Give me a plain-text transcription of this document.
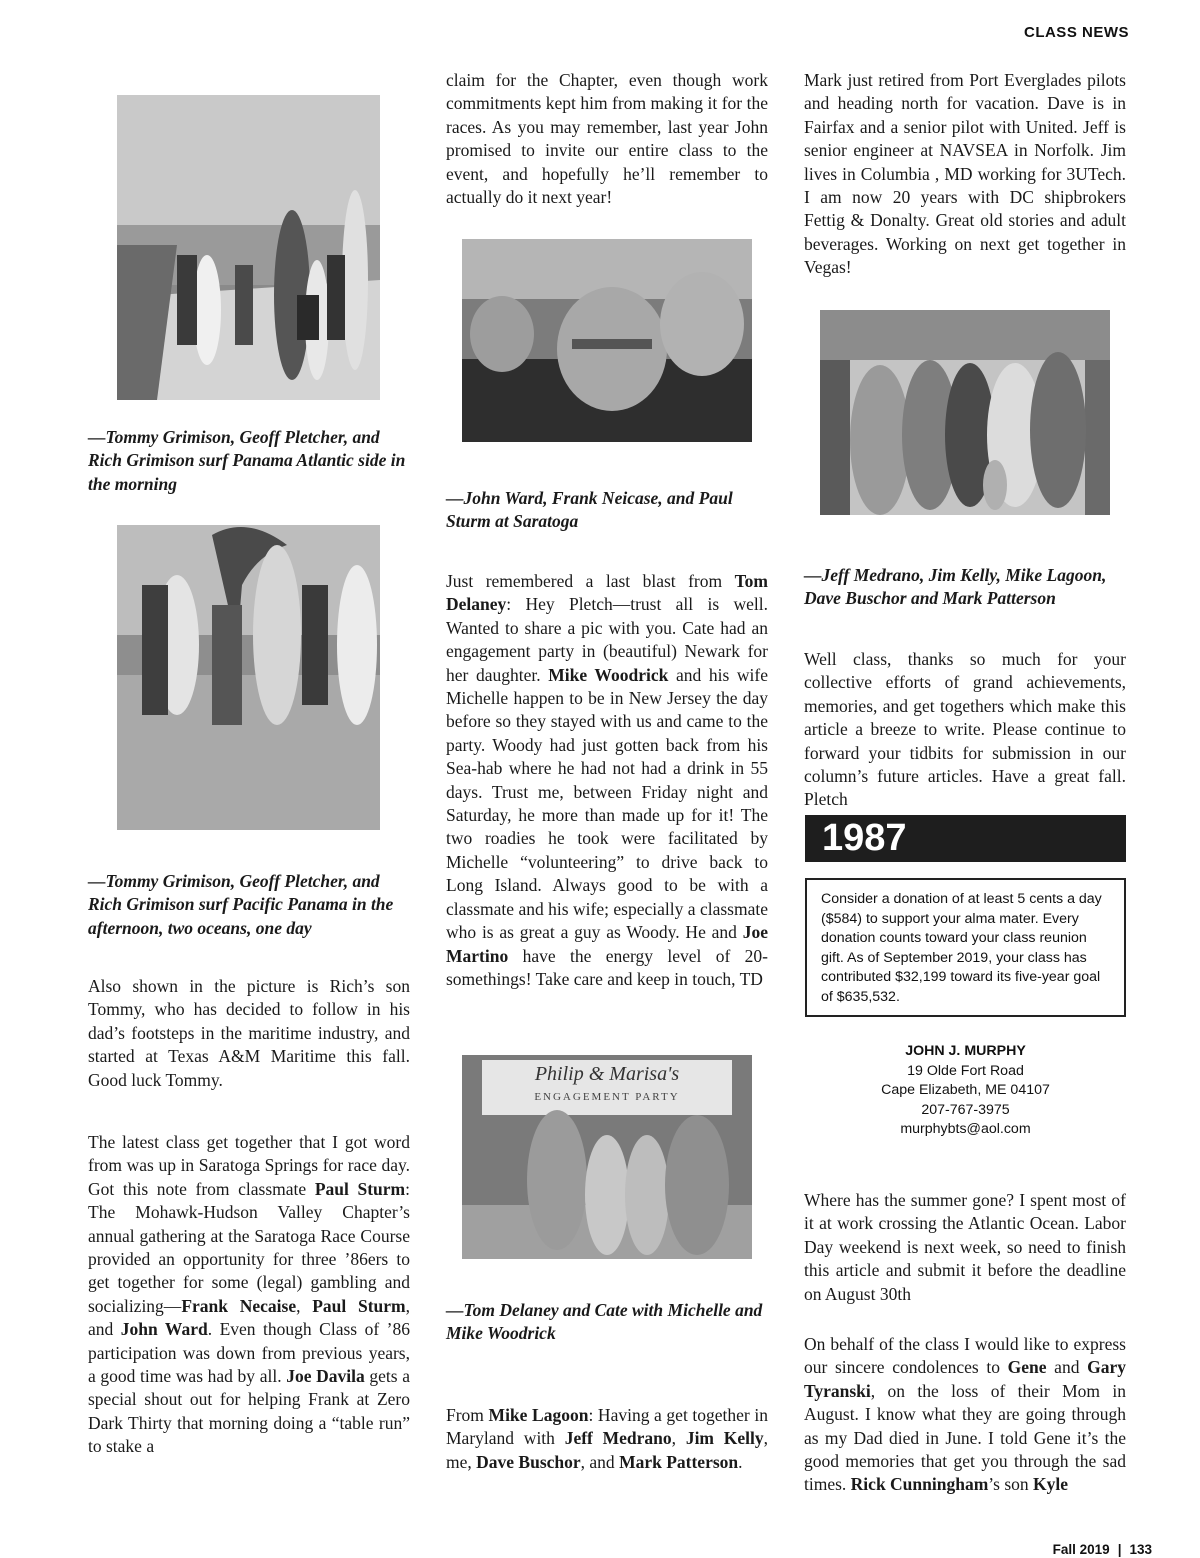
CLASS NEWS
—Tommy Grimison, Geoff Pletcher, and Rich Grimison surf Panama Atlantic side in the morning
—Tommy Grimison, Geoff Pletcher, and Rich Grimison surf Pacific Panama in the afternoon, two oceans, one day

Also shown in the picture is Rich’s son Tommy, who has decided to follow in his dad’s footsteps in the maritime industry, and started at Texas A&M Maritime this fall. Good luck Tommy.

The latest class get together that I got word from was up in Saratoga Springs for race day. Got this note from classmate Paul Sturm: The Mohawk-Hudson Valley Chapter’s annual gathering at the Saratoga Race Course provided an opportunity for three ’86ers to get together for some (legal) gambling and socializing—Frank Necaise, Paul Sturm, and John Ward. Even though Class of ’86 participation was down from previous years, a good time was had by all. Joe Davila gets a special shout out for helping Frank at Zero Dark Thirty that morning doing a “table run” to stake a

claim for the Chapter, even though work commitments kept him from making it for the races. As you may remember, last year John promised to invite our entire class to the event, and hopefully he’ll remember to actually do it next year!

—John Ward, Frank Neicase, and Paul Sturm at Saratoga

Just remembered a last blast from Tom Delaney: Hey Pletch—trust all is well. Wanted to share a pic with you. Cate had an engagement party in (beautiful) Newark for her daughter. Mike Woodrick and his wife Michelle happen to be in New Jersey the day before so they stayed with us and came to the party. Woody had just gotten back from his Sea-hab where he had not had a drink in 55 days. Trust me, between Friday night and Saturday, he more than made up for it! The two roadies he took were facilitated by Michelle “volunteering” to drive back to Long Island. Always good to be with a classmate and his wife; especially a classmate who is as great a guy as Woody. He and Joe Martino have the energy level of 20-somethings! Take care and keep in touch, TD

Philip & Marisa's
ENGAGEMENT PARTY
—Tom Delaney and Cate with Michelle and Mike Woodrick

From Mike Lagoon: Having a get together in Maryland with Jeff Medrano, Jim Kelly, me, Dave Buschor, and Mark Patterson.

Mark just retired from Port Everglades pilots and heading north for vacation. Dave is in Fairfax and a senior pilot with United. Jeff is senior engineer at NAVSEA in Norfolk. Jim lives in Columbia , MD working for 3UTech. I am now 20 years with DC shipbrokers Fettig & Donalty. Great old stories and adult beverages. Working on next get together in Vegas!

—Jeff Medrano, Jim Kelly, Mike Lagoon, Dave Buschor and Mark Patterson

Well class, thanks so much for your collective efforts of grand achievements, memories, and get togethers which make this article a breeze to write. Please continue to forward your tidbits for submission in our column’s future articles. Have a great fall. Pletch

1987
Consider a donation of at least 5 cents a day ($584) to support your alma mater. Every donation counts toward your class reunion gift. As of September 2019, your class has contributed $32,199 toward its five-year goal of $635,532.
JOHN J. MURPHY
19 Olde Fort Road
Cape Elizabeth, ME 04107
207-767-3975
murphybts@aol.com

Where has the summer gone? I spent most of it at work crossing the Atlantic Ocean. Labor Day weekend is next week, so need to finish this article and submit it before the deadline on August 30th

On behalf of the class I would like to express our sincere condolences to Gene and Gary Tyranski, on the loss of their Mom in August. I know what they are going through as my Dad died in June. I told Gene it’s the good memories that get you through the sad times. Rick Cunningham’s son Kyle

Fall 2019 | 133
